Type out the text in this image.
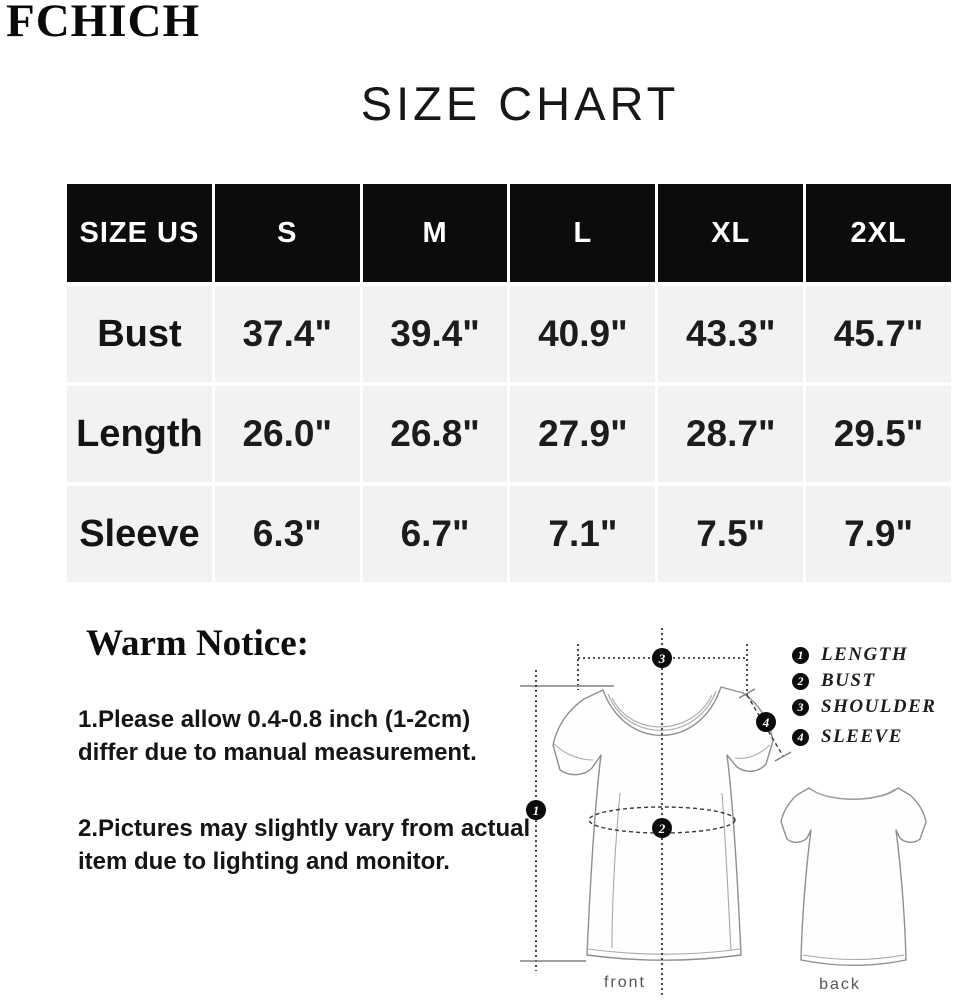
FCHICH
SIZE CHART
SIZE US	S	M	L	XL	2XL
Bust	37.4"	39.4"	40.9"	43.3"	45.7"
Length	26.0"	26.8"	27.9"	28.7"	29.5"
Sleeve	6.3"	6.7"	7.1"	7.5"	7.9"
Warm Notice:
1.Please allow 0.4-0.8 inch (1-2cm)
differ due to manual measurement.
2.Pictures may slightly vary from actual
item due to lighting and monitor.
3
1
2
4
front	back
1 LENGTH
2 BUST
3 SHOULDER
4 SLEEVE
